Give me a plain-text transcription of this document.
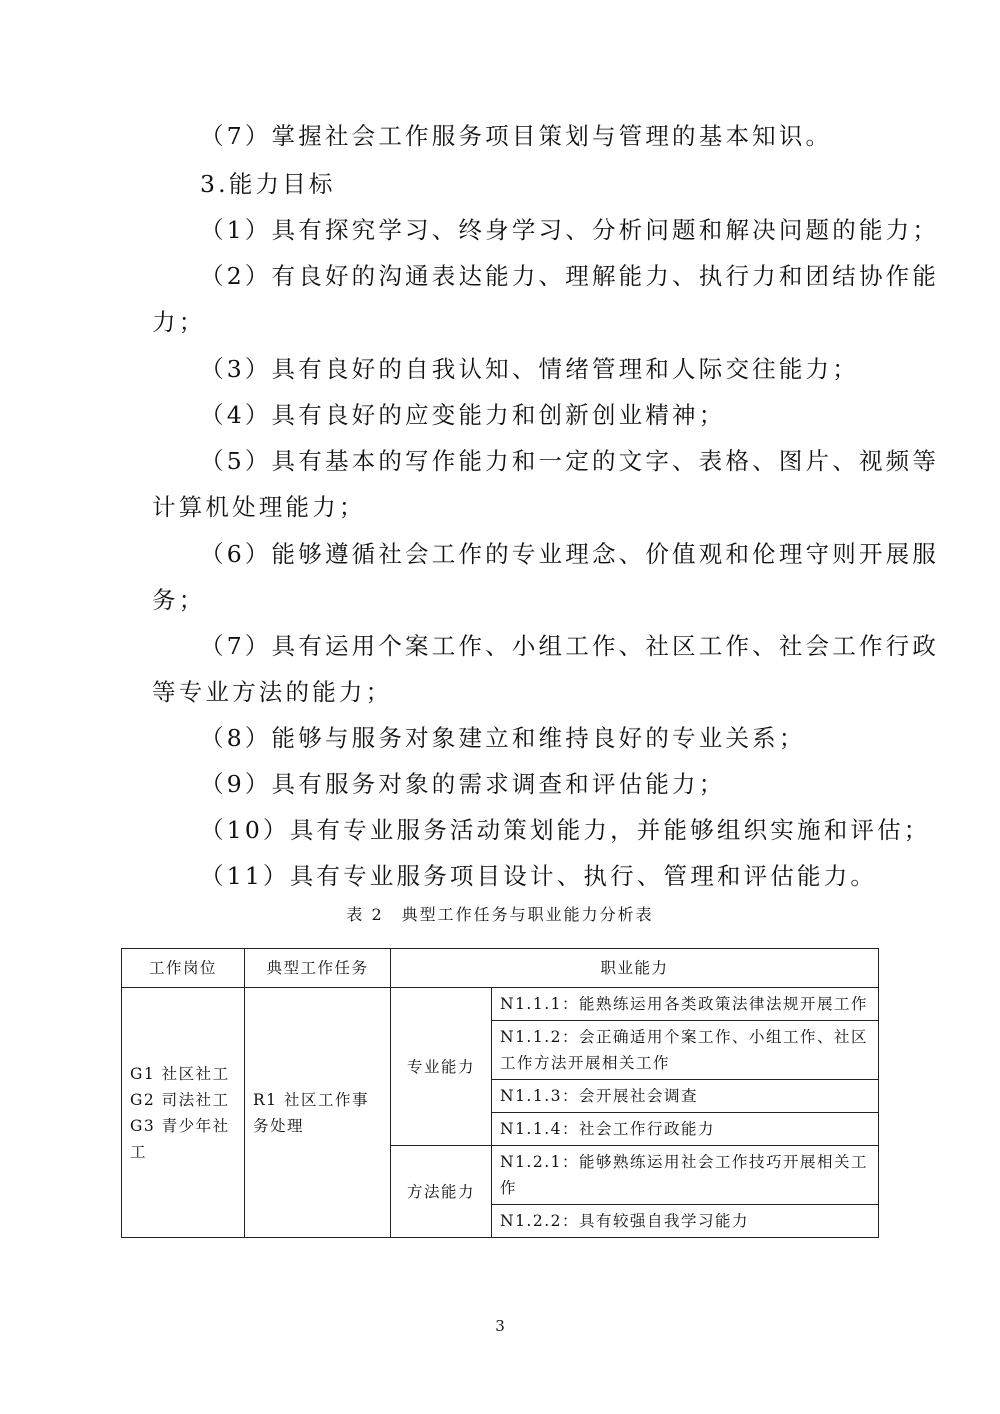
（7）掌握社会工作服务项目策划与管理的基本知识。
3.能力目标
（1）具有探究学习、终身学习、分析问题和解决问题的能力；
（2）有良好的沟通表达能力、理解能力、执行力和团结协作能
力；
（3）具有良好的自我认知、情绪管理和人际交往能力；
（4）具有良好的应变能力和创新创业精神；
（5）具有基本的写作能力和一定的文字、表格、图片、视频等
计算机处理能力；
（6）能够遵循社会工作的专业理念、价值观和伦理守则开展服
务；
（7）具有运用个案工作、小组工作、社区工作、社会工作行政
等专业方法的能力；
（8）能够与服务对象建立和维持良好的专业关系；
（9）具有服务对象的需求调查和评估能力；
（10）具有专业服务活动策划能力，并能够组织实施和评估；
（11）具有专业服务项目设计、执行、管理和评估能力。
表 2　典型工作任务与职业能力分析表
工作岗位	典型工作任务	职业能力	

G1 社区社工
G2 司法社工
G3 青少年社工	R1 社区工作事务处理	专业能力	N1.1.1：能熟练运用各类政策法律法规开展工作
			N1.1.2：会正确适用个案工作、小组工作、社区工作方法开展相关工作
			N1.1.3：会开展社会调查
			N1.1.4：社会工作行政能力
		方法能力	N1.2.1：能够熟练运用社会工作技巧开展相关工作
			N1.2.2：具有较强自我学习能力
3
